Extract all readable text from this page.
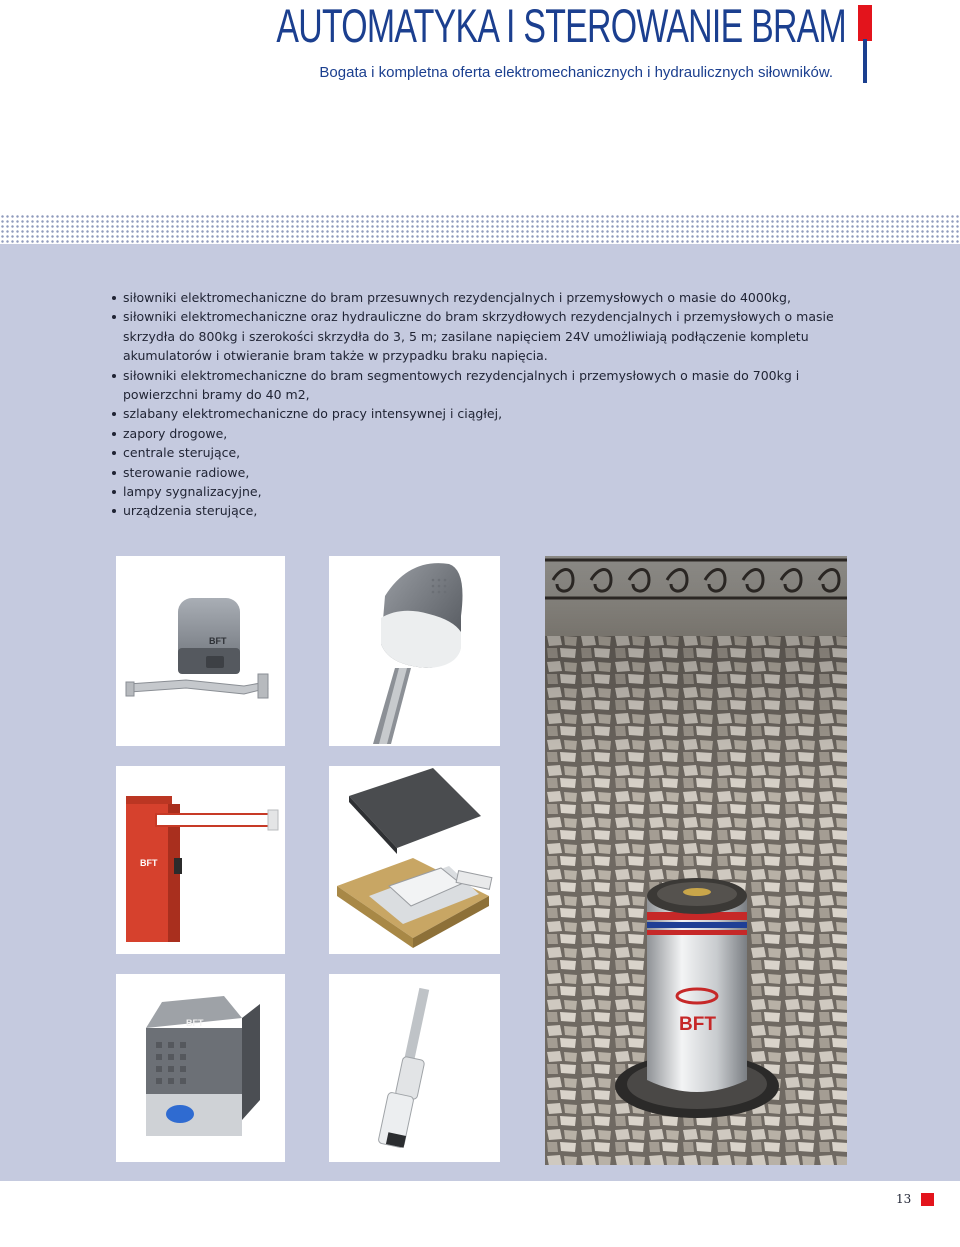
AUTOMATYKA I STEROWANIE BRAM
Bogata i kompletna oferta elektromechanicznych i hydraulicznych siłowników.
siłowniki elektromechaniczne do bram przesuwnych rezydencjalnych i przemysłowych o masie do 4000kg,
siłowniki elektromechaniczne oraz hydrauliczne do bram skrzydłowych rezydencjalnych i przemysłowych o masie skrzydła do 800kg i szerokości skrzydła do 3, 5 m; zasilane napięciem 24V umożliwiają podłączenie kompletu akumulatorów i otwieranie bram także w przypadku braku napięcia.
siłowniki elektromechaniczne do bram segmentowych rezydencjalnych i przemysłowych o masie do 700kg i powierzchni bramy do 40 m2,
szlabany elektromechaniczne do pracy intensywnej i ciągłej,
zapory drogowe,
centrale sterujące,
sterowanie radiowe,
lampy sygnalizacyjne,
urządzenia sterujące,
BFT
BFT
BFT	BFT
13
